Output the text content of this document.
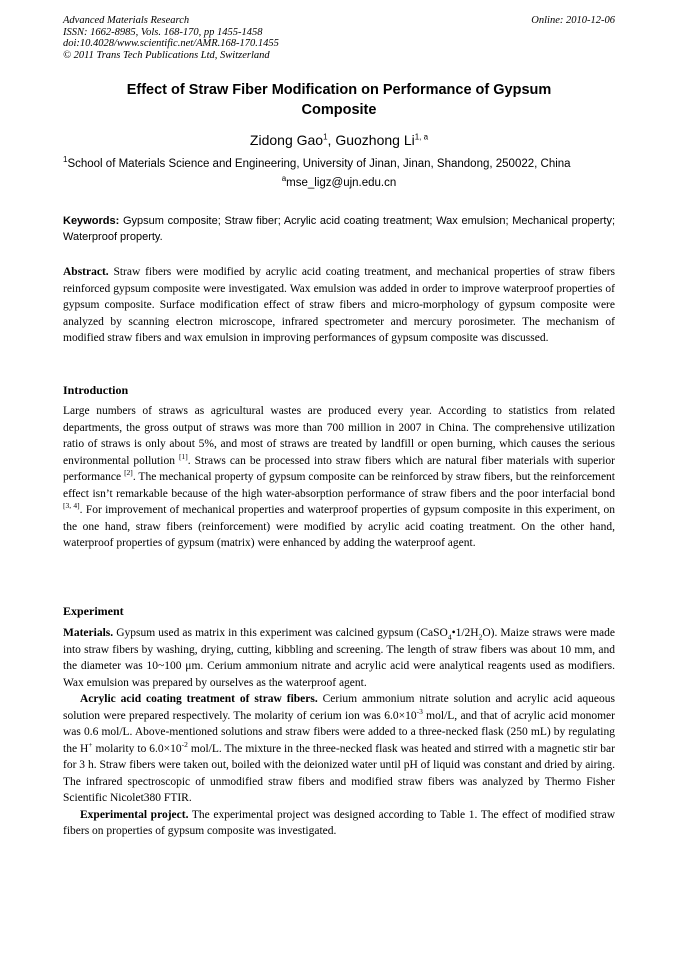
Advanced Materials Research
ISSN: 1662-8985, Vols. 168-170, pp 1455-1458
doi:10.4028/www.scientific.net/AMR.168-170.1455
© 2011 Trans Tech Publications Ltd, Switzerland
Online: 2010-12-06
Effect of Straw Fiber Modification on Performance of Gypsum
Composite
Zidong Gao$^1$, Guozhong Li$^{1, a}$
$^1$School of Materials Science and Engineering, University of Jinan, Jinan, Shandong, 250022, China
$^a$mse_ligz@ujn.edu.cn
Keywords: Gypsum composite; Straw fiber; Acrylic acid coating treatment; Wax emulsion; Mechanical property; Waterproof property.

Abstract. Straw fibers were modified by acrylic acid coating treatment, and mechanical properties of straw fibers reinforced gypsum composite were investigated. Wax emulsion was added in order to improve waterproof properties of gypsum composite. Surface modification effect of straw fibers and micro-morphology of gypsum composite were analyzed by scanning electron microscope, infrared spectrometer and mercury porosimeter. The mechanism of modified straw fibers and wax emulsion in improving performances of gypsum composite was discussed.

Introduction

Large numbers of straws as agricultural wastes are produced every year. According to statistics from related departments, the gross output of straws was more than 700 million in 2007 in China. The comprehensive utilization ratio of straws is only about 5%, and most of straws are treated by landfill or open burning, which causes the serious environmental pollution [1]. Straws can be processed into straw fibers which are natural fiber materials with superior performance [2]. The mechanical property of gypsum composite can be reinforced by straw fibers, but the reinforcement effect isn’t remarkable because of the high water-absorption performance of straw fibers and the poor interfacial bond [3, 4]. For improvement of mechanical properties and waterproof properties of gypsum composite in this experiment, on the one hand, straw fibers (reinforcement) were modified by acrylic acid coating treatment. On the other hand, waterproof properties of gypsum (matrix) were enhanced by adding the waterproof agent.

Experiment

Materials. Gypsum used as matrix in this experiment was calcined gypsum $(CaSO_4•1/2H_2O)$. Maize straws were made into straw fibers by washing, drying, cutting, kibbling and screening. The length of straw fibers was about 10 mm, and the diameter was 10~100 μm. Cerium ammonium nitrate and acrylic acid were analytical reagents used as modifiers. Wax emulsion was prepared by ourselves as the waterproof agent.

Acrylic acid coating treatment of straw fibers. Cerium ammonium nitrate solution and acrylic acid aqueous solution were prepared respectively. The molarity of cerium ion was $6.0\times 10^{-3}$ mol/L, and that of acrylic acid monomer was 0.6 mol/L. Above-mentioned solutions and straw fibers were added to a three-necked flask (250 mL) by regulating the H+ molarity to $6.0\times 10^{-2}$ mol/L. The mixture in the three-necked flask was heated and stirred with a magnetic stir bar for 3 h. Straw fibers were taken out, boiled with the deionized water until pH of liquid was constant and dried by airing. The infrared spectroscopic of unmodified straw fibers and modified straw fibers was analyzed by Thermo Fisher Scientific Nicolet380 FTIR.

Experimental project. The experimental project was designed according to Table 1. The effect of modified straw fibers on properties of gypsum composite was investigated.
